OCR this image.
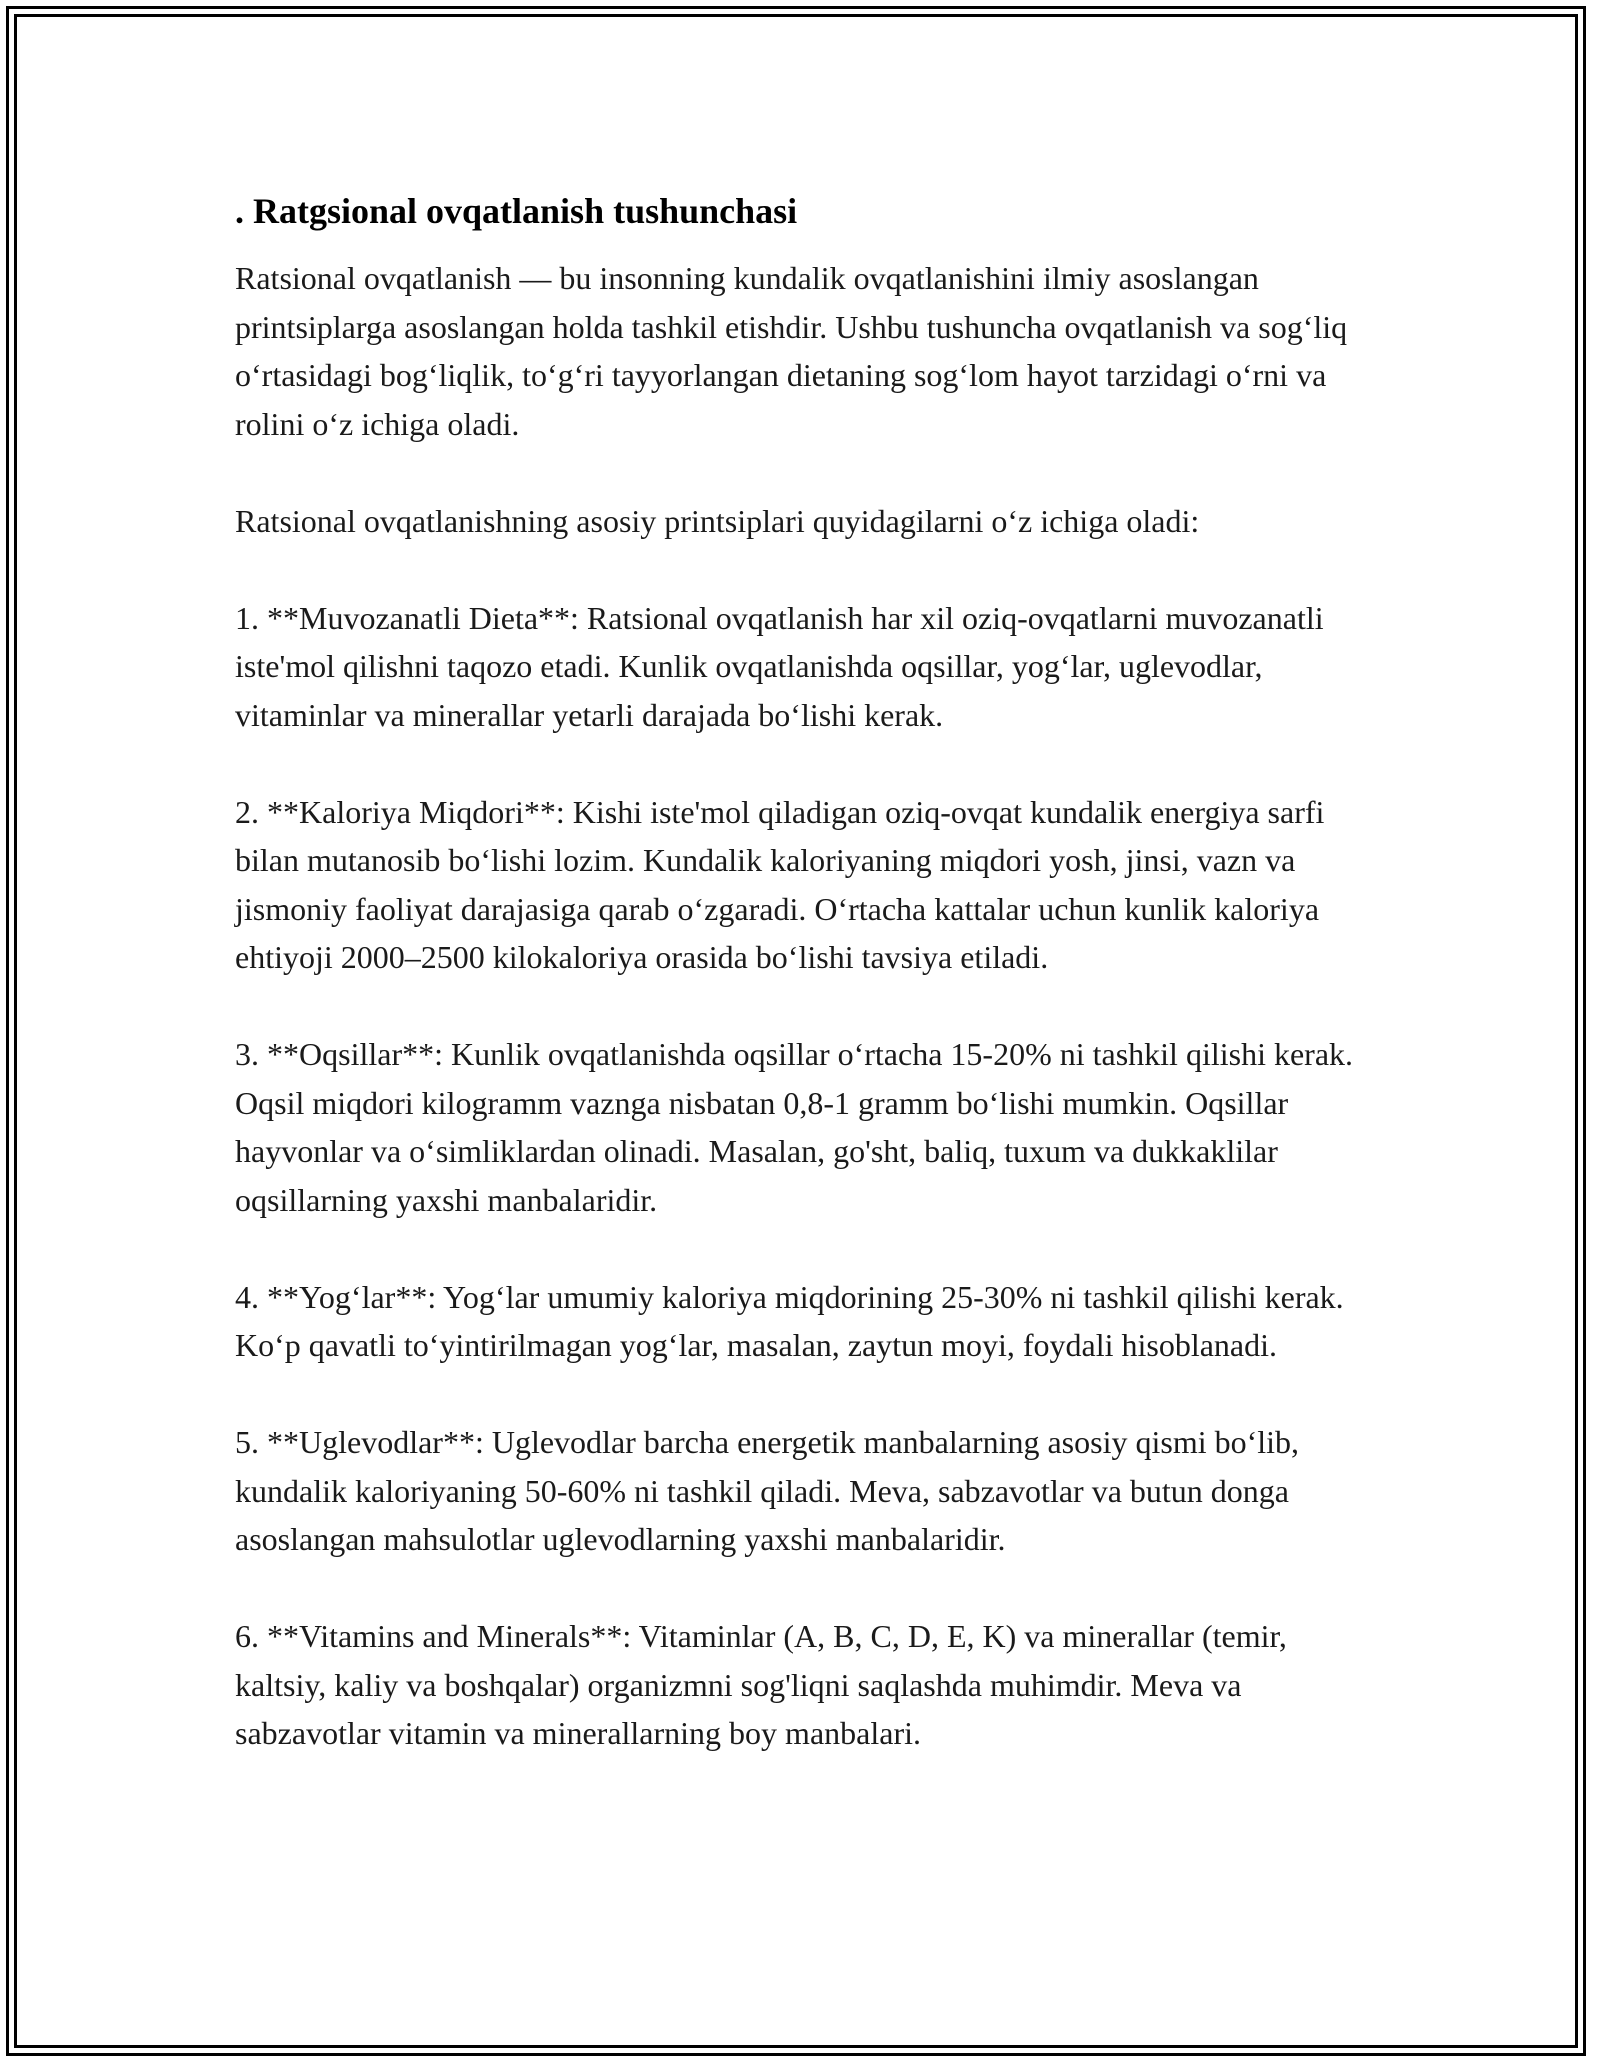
. Ratgsional ovqatlanish tushunchasi

Ratsional ovqatlanish — bu insonning kundalik ovqatlanishini ilmiy asoslangan printsiplarga asoslangan holda tashkil etishdir. Ushbu tushuncha ovqatlanish va sog‘liq o‘rtasidagi bog‘liqlik, to‘g‘ri tayyorlangan dietaning sog‘lom hayot tarzidagi o‘rni va rolini o‘z ichiga oladi.

Ratsional ovqatlanishning asosiy printsiplari quyidagilarni o‘z ichiga oladi:

1. **Muvozanatli Dieta**: Ratsional ovqatlanish har xil oziq-ovqatlarni muvozanatli iste'mol qilishni taqozo etadi. Kunlik ovqatlanishda oqsillar, yog‘lar, uglevodlar, vitaminlar va minerallar yetarli darajada bo‘lishi kerak.

2. **Kaloriya Miqdori**: Kishi iste'mol qiladigan oziq-ovqat kundalik energiya sarfi bilan mutanosib bo‘lishi lozim. Kundalik kaloriyaning miqdori yosh, jinsi, vazn va jismoniy faoliyat darajasiga qarab o‘zgaradi. O‘rtacha kattalar uchun kunlik kaloriya ehtiyoji 2000–2500 kilokaloriya orasida bo‘lishi tavsiya etiladi.

3. **Oqsillar**: Kunlik ovqatlanishda oqsillar o‘rtacha 15-20% ni tashkil qilishi kerak. Oqsil miqdori kilogramm vaznga nisbatan 0,8-1 gramm bo‘lishi mumkin. Oqsillar hayvonlar va o‘simliklardan olinadi. Masalan, go'sht, baliq, tuxum va dukkaklilar oqsillarning yaxshi manbalaridir.

4. **Yog‘lar**: Yog‘lar umumiy kaloriya miqdorining 25-30% ni tashkil qilishi kerak. Ko‘p qavatli to‘yintirilmagan yog‘lar, masalan, zaytun moyi, foydali hisoblanadi.

5. **Uglevodlar**: Uglevodlar barcha energetik manbalarning asosiy qismi bo‘lib, kundalik kaloriyaning 50-60% ni tashkil qiladi. Meva, sabzavotlar va butun donga asoslangan mahsulotlar uglevodlarning yaxshi manbalaridir.

6. **Vitamins and Minerals**: Vitaminlar (A, B, C, D, E, K) va minerallar (temir, kaltsiy, kaliy va boshqalar) organizmni sog'liqni saqlashda muhimdir. Meva va sabzavotlar vitamin va minerallarning boy manbalari.
